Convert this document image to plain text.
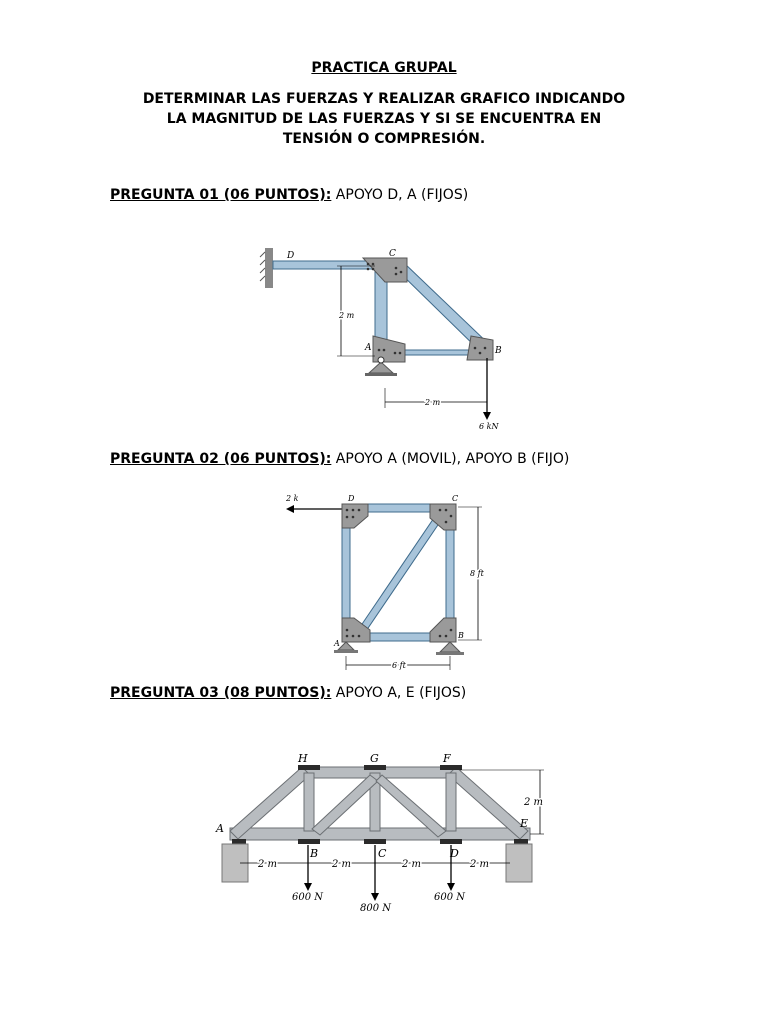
PRACTICA GRUPAL
DETERMINAR LAS FUERZAS Y REALIZAR GRAFICO INDICANDO
LA MAGNITUD DE LAS FUERZAS Y SI SE ENCUENTRA EN
TENSIÓN O COMPRESIÓN.
PREGUNTA 01 (06 PUNTOS): APOYO D, A (FIJOS)
D	C
A	B
2 m
2 m
6 kN
PREGUNTA 02 (06 PUNTOS): APOYO A (MOVIL), APOYO B (FIJO)
2 k	D	C
A
B
8 ft
6 ft
PREGUNTA 03 (08 PUNTOS): APOYO A, E (FIJOS)
H	G	F
A
B	C	D
E
2 m
2 m	2 m	2 m	2 m
600 N
800 N
600 N
